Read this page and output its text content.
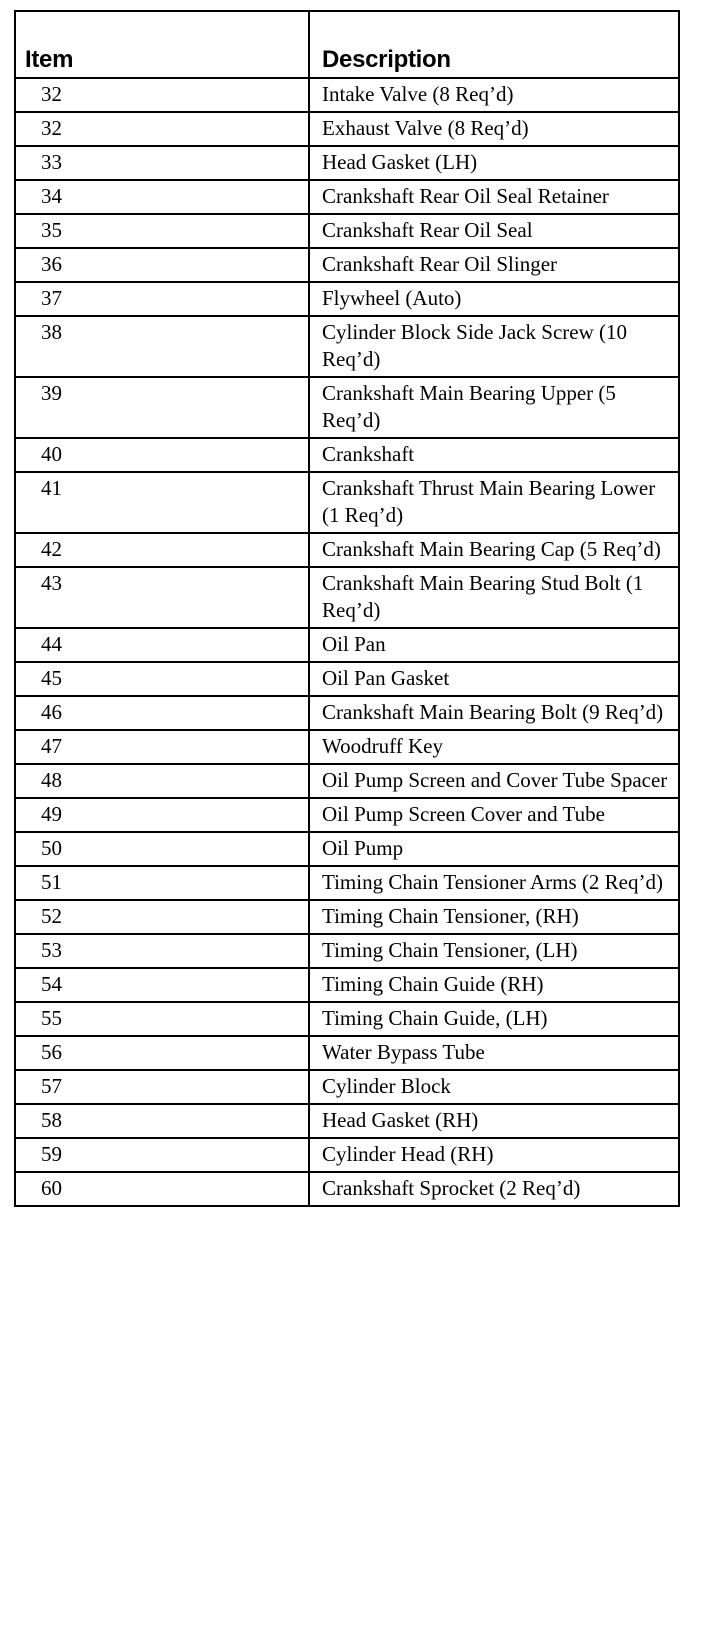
Item	Description
32	Intake Valve (8 Req’d)
32	Exhaust Valve (8 Req’d)
33	Head Gasket (LH)
34	Crankshaft Rear Oil Seal Retainer
35	Crankshaft Rear Oil Seal
36	Crankshaft Rear Oil Slinger
37	Flywheel (Auto)
38	Cylinder Block Side Jack Screw (10 Req’d)
39	Crankshaft Main Bearing Upper (5 Req’d)
40	Crankshaft
41	Crankshaft Thrust Main Bearing Lower (1 Req’d)
42	Crankshaft Main Bearing Cap (5 Req’d)
43	Crankshaft Main Bearing Stud Bolt (1 Req’d)
44	Oil Pan
45	Oil Pan Gasket
46	Crankshaft Main Bearing Bolt (9 Req’d)
47	Woodruff Key
48	Oil Pump Screen and Cover Tube Spacer
49	Oil Pump Screen Cover and Tube
50	Oil Pump
51	Timing Chain Tensioner Arms (2 Req’d)
52	Timing Chain Tensioner, (RH)
53	Timing Chain Tensioner, (LH)
54	Timing Chain Guide (RH)
55	Timing Chain Guide, (LH)
56	Water Bypass Tube
57	Cylinder Block
58	Head Gasket (RH)
59	Cylinder Head (RH)
60	Crankshaft Sprocket (2 Req’d)
